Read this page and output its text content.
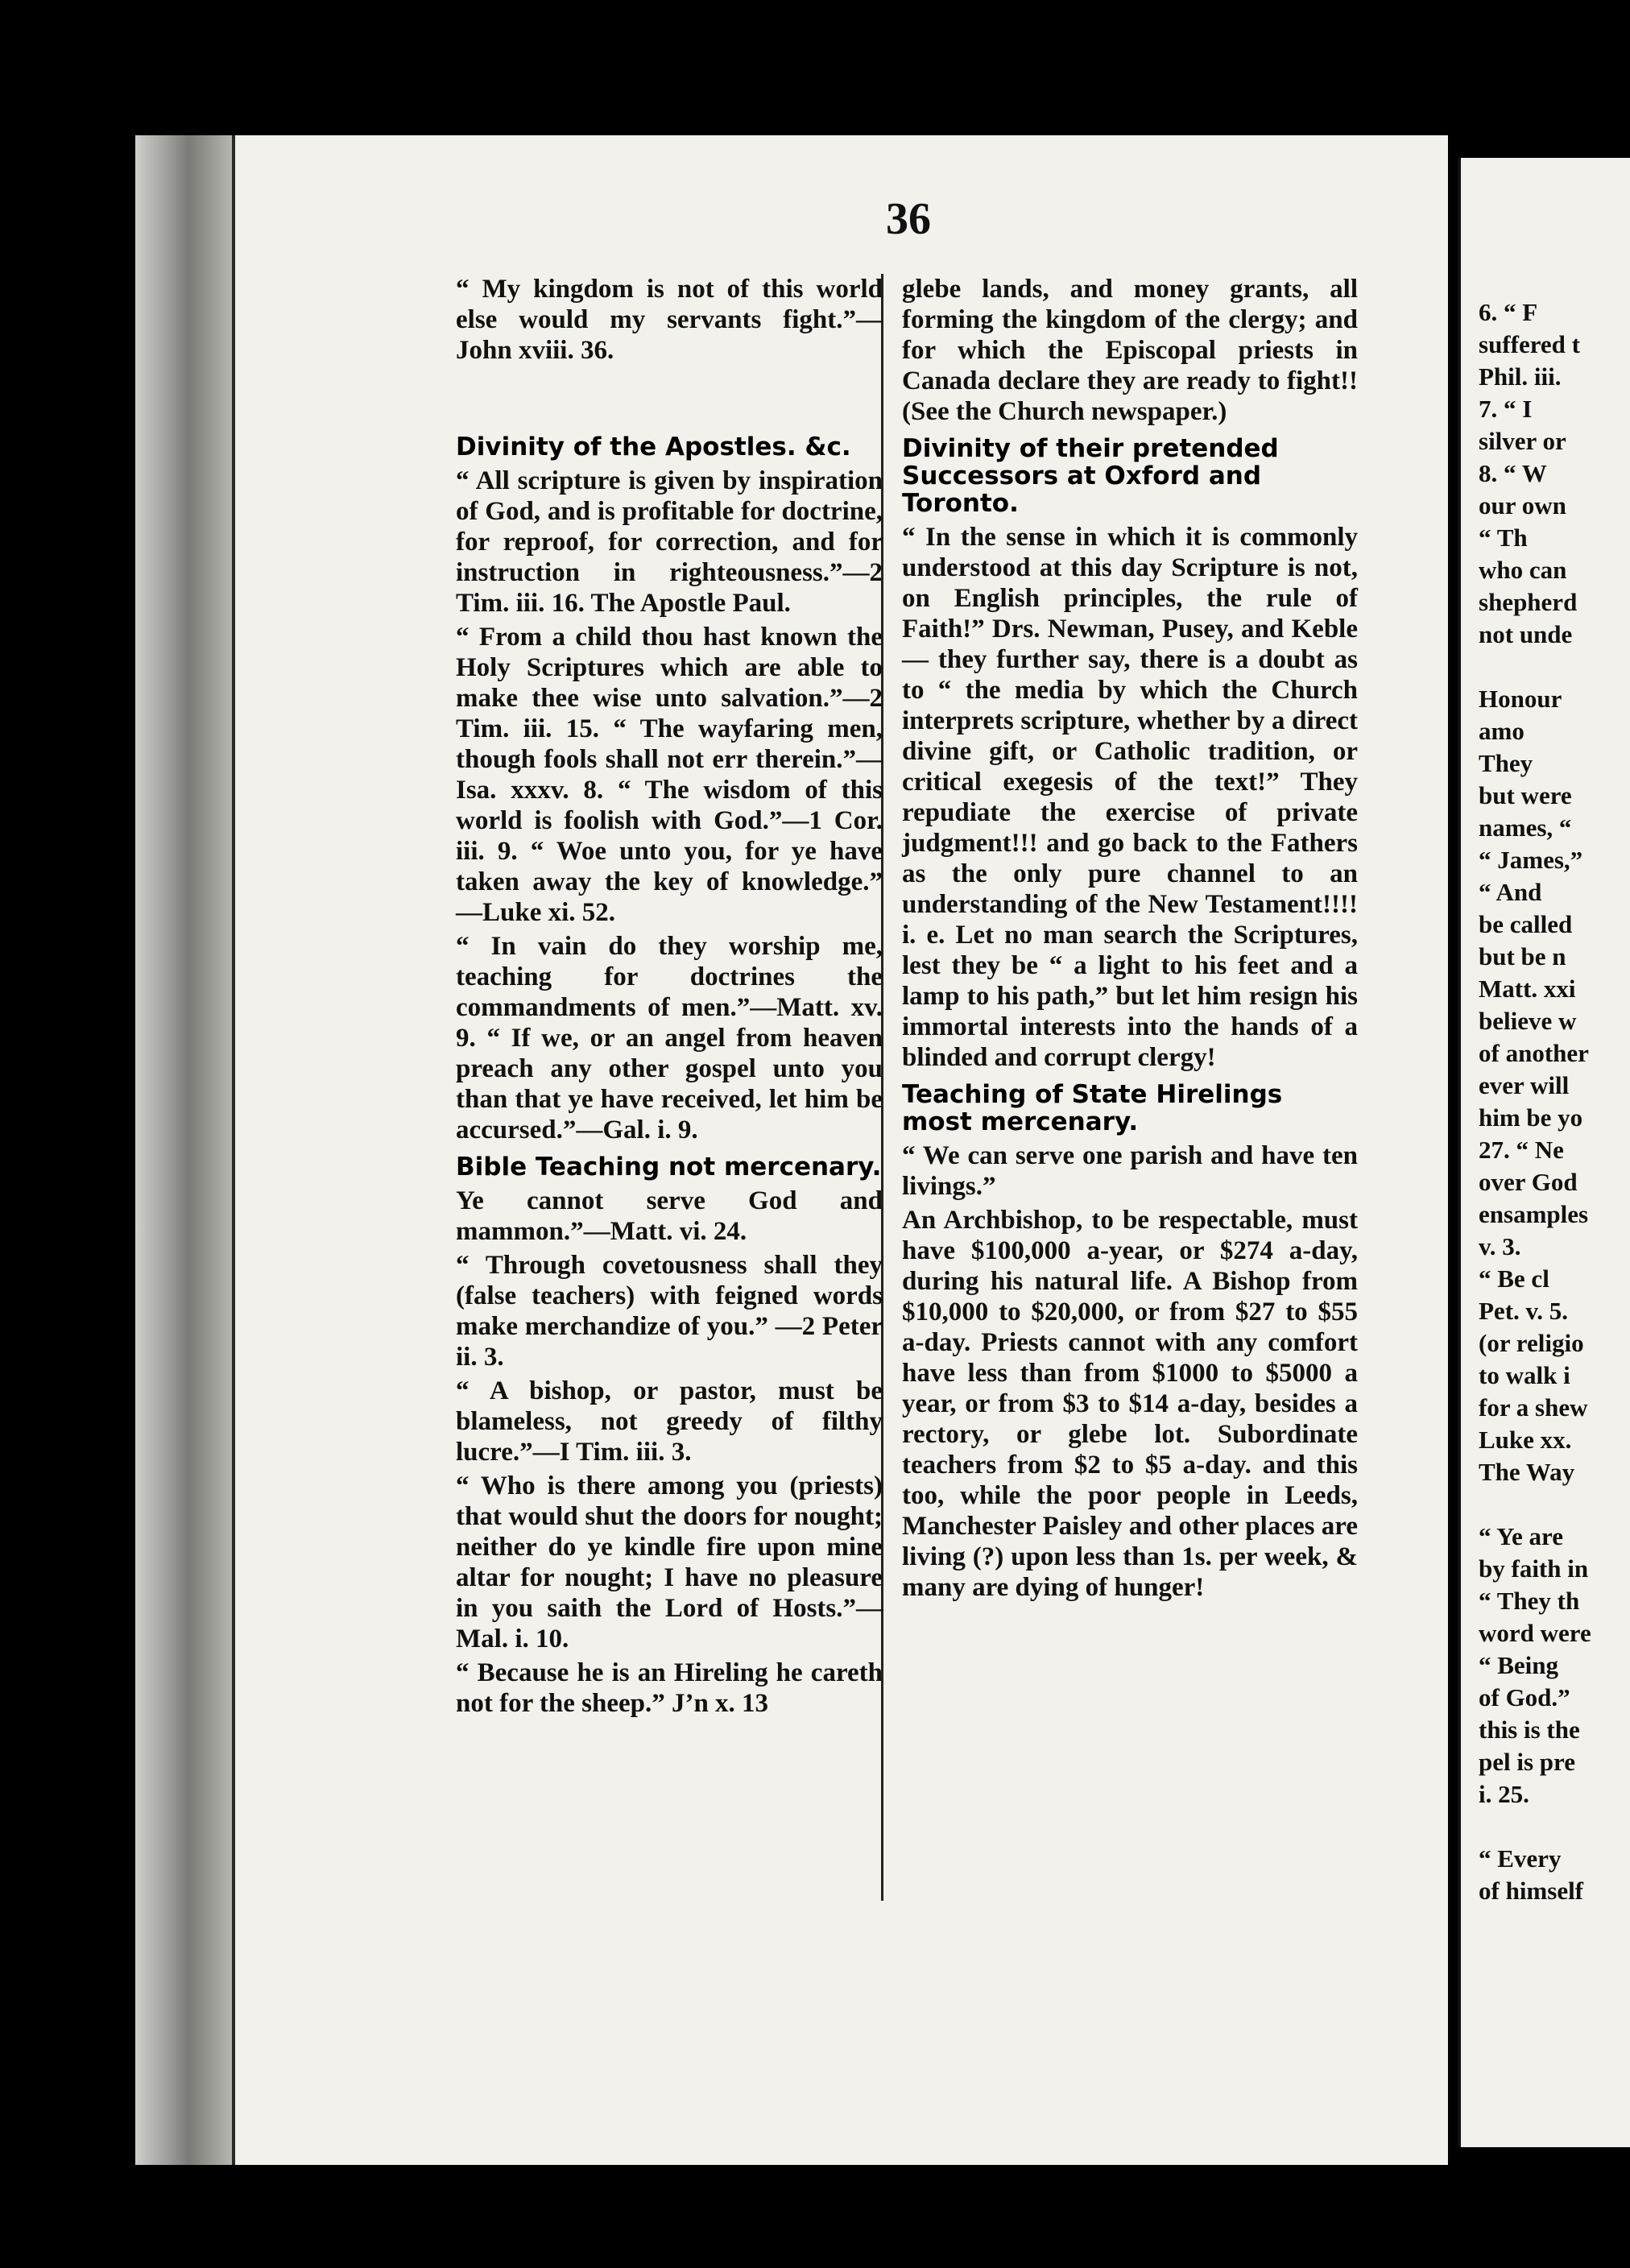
6. “ F
suffered t
Phil. iii.
7. “ I
silver or
8. “ W
our own
“ Th
who can
shepherd
not unde

Honour
amo
They
but were
names, “
“ James,”
“ And
be called
but be n
Matt. xxi
believe w
of another
ever will
him be yo
27. “ Ne
over God
ensamples
v. 3.
“ Be cl
Pet. v. 5.
(or religio
to walk i
for a shew
Luke xx.
The Way

“ Ye are
by faith in
“ They th
word were
“ Being
of God.”
this is the
pel is pre
i. 25.

“ Every
of himself
36

“ My kingdom is not of this world else would my servants fight.”— John xviii. 36.

Divinity of the Apostles. &c.

“ All scripture is given by inspiration of God, and is profitable for doctrine, for reproof, for correction, and for instruction in righteousness.”—2 Tim. iii. 16. The Apostle Paul.

“ From a child thou hast known the Holy Scriptures which are able to make thee wise unto salvation.”—2 Tim. iii. 15. “ The wayfaring men, though fools shall not err therein.”—Isa. xxxv. 8. “ The wisdom of this world is foolish with God.”—1 Cor. iii. 9. “ Woe unto you, for ye have taken away the key of knowledge.” —Luke xi. 52.

“ In vain do they worship me, teaching for doctrines the commandments of men.”—Matt. xv. 9. “ If we, or an angel from heaven preach any other gospel unto you than that ye have received, let him be accursed.”—Gal. i. 9.

Bible Teaching not mercenary.

Ye cannot serve God and mammon.”—Matt. vi. 24.

“ Through covetousness shall they (false teachers) with feigned words make merchandize of you.” —2 Peter ii. 3.

“ A bishop, or pastor, must be blameless, not greedy of filthy lucre.”—I Tim. iii. 3.

“ Who is there among you (priests) that would shut the doors for nought; neither do ye kindle fire upon mine altar for nought; I have no pleasure in you saith the Lord of Hosts.”— Mal. i. 10.

“ Because he is an Hireling he careth not for the sheep.” J’n x. 13

glebe lands, and money grants, all forming the kingdom of the clergy; and for which the Episcopal priests in Canada declare they are ready to fight!! (See the Church newspaper.)

Divinity of their pretended Successors at Oxford and Toronto.

“ In the sense in which it is commonly understood at this day Scripture is not, on English principles, the rule of Faith!” Drs. Newman, Pusey, and Keble— they further say, there is a doubt as to “ the media by which the Church interprets scripture, whether by a direct divine gift, or Catholic tradition, or critical exegesis of the text!” They repudiate the exercise of private judgment!!! and go back to the Fathers as the only pure channel to an understanding of the New Testament!!!! i. e. Let no man search the Scriptures, lest they be “ a light to his feet and a lamp to his path,” but let him resign his immortal interests into the hands of a blinded and corrupt clergy!

Teaching of State Hirelings most mercenary.

“ We can serve one parish and have ten livings.”

An Archbishop, to be respectable, must have $100,000 a-year, or $274 a-day, during his natural life. A Bishop from $10,000 to $20,000, or from $27 to $55 a-day. Priests cannot with any comfort have less than from $1000 to $5000 a year, or from $3 to $14 a-day, besides a rectory, or glebe lot. Subordinate teachers from $2 to $5 a-day. and this too, while the poor people in Leeds, Manchester Paisley and other places are living (?) upon less than 1s. per week, & many are dying of hunger!
